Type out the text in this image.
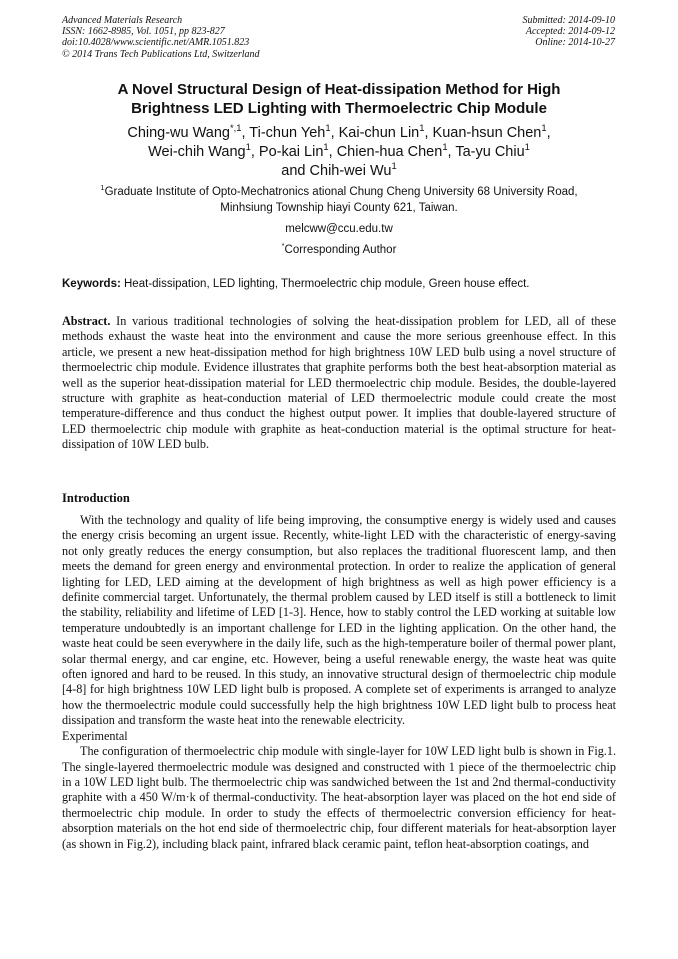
Advanced Materials Research
ISSN: 1662-8985, Vol. 1051, pp 823-827
doi:10.4028/www.scientific.net/AMR.1051.823
© 2014 Trans Tech Publications Ltd, Switzerland
Submitted: 2014-09-10
Accepted: 2014-09-12
Online: 2014-10-27
A Novel Structural Design of Heat-dissipation Method for High
Brightness LED Lighting with Thermoelectric Chip Module
Ching-wu Wang$^{*,1}$, Ti-chun Yeh$^1$, Kai-chun Lin$^1$, Kuan-hsun Chen$^1$,
Wei-chih Wang$^1$, Po-kai Lin$^1$, Chien-hua Chen$^1$, Ta-yu Chiu$^1$
and Chih-wei Wu$^1$
$^1$Graduate Institute of Opto-Mechatronics ational Chung Cheng University 68 University Road,
Minhsiung Township hiayi County 621, Taiwan.
melcww@ccu.edu.tw
*Corresponding Author
Keywords: Heat-dissipation, LED lighting, Thermoelectric chip module, Green house effect.
Abstract. In various traditional technologies of solving the heat-dissipation problem for LED, all of these methods exhaust the waste heat into the environment and cause the more serious greenhouse effect. In this article, we present a new heat-dissipation method for high brightness 10W LED bulb using a novel structure of thermoelectric chip module. Evidence illustrates that graphite performs both the best heat-absorption material as well as the superior heat-dissipation material for LED thermoelectric chip module. Besides, the double-layered structure with graphite as heat-conduction material of LED thermoelectric module could create the most temperature-difference and thus conduct the highest output power. It implies that double-layered structure of LED thermoelectric chip module with graphite as heat-conduction material is the optimal structure for heat-dissipation of 10W LED bulb.
Introduction

With the technology and quality of life being improving, the consumptive energy is widely used and causes the energy crisis becoming an urgent issue. Recently, white-light LED with the characteristic of energy-saving not only greatly reduces the energy consumption, but also replaces the traditional fluorescent lamp, and then meets the demand for green energy and environmental protection. In order to realize the application of general lighting for LED, LED aiming at the development of high brightness as well as high power efficiency is a definite commercial target. Unfortunately, the thermal problem caused by LED itself is still a bottleneck to limit the stability, reliability and lifetime of LED [1-3]. Hence, how to stably control the LED working at suitable low temperature undoubtedly is an important challenge for LED in the lighting application. On the other hand, the waste heat could be seen everywhere in the daily life, such as the high-temperature boiler of thermal power plant, solar thermal energy, and car engine, etc. However, being a useful renewable energy, the waste heat was quite often ignored and hard to be reused. In this study, an innovative structural design of thermoelectric chip module [4-8] for high brightness 10W LED light bulb is proposed. A complete set of experiments is arranged to analyze how the thermoelectric module could successfully help the high brightness 10W LED light bulb to process heat dissipation and transform the waste heat into the renewable electricity.

Experimental

The configuration of thermoelectric chip module with single-layer for 10W LED light bulb is shown in Fig.1. The single-layered thermoelectric module was designed and constructed with 1 piece of the thermoelectric chip in a 10W LED light bulb. The thermoelectric chip was sandwiched between the 1st and 2nd thermal-conductivity graphite with a 450 W/m·k of thermal-conductivity. The heat-absorption layer was placed on the hot end side of thermoelectric chip module. In order to study the effects of thermoelectric conversion efficiency for heat-absorption materials on the hot end side of thermoelectric chip, four different materials for heat-absorption layer (as shown in Fig.2), including black paint, infrared black ceramic paint, teflon heat-absorption coatings, and
